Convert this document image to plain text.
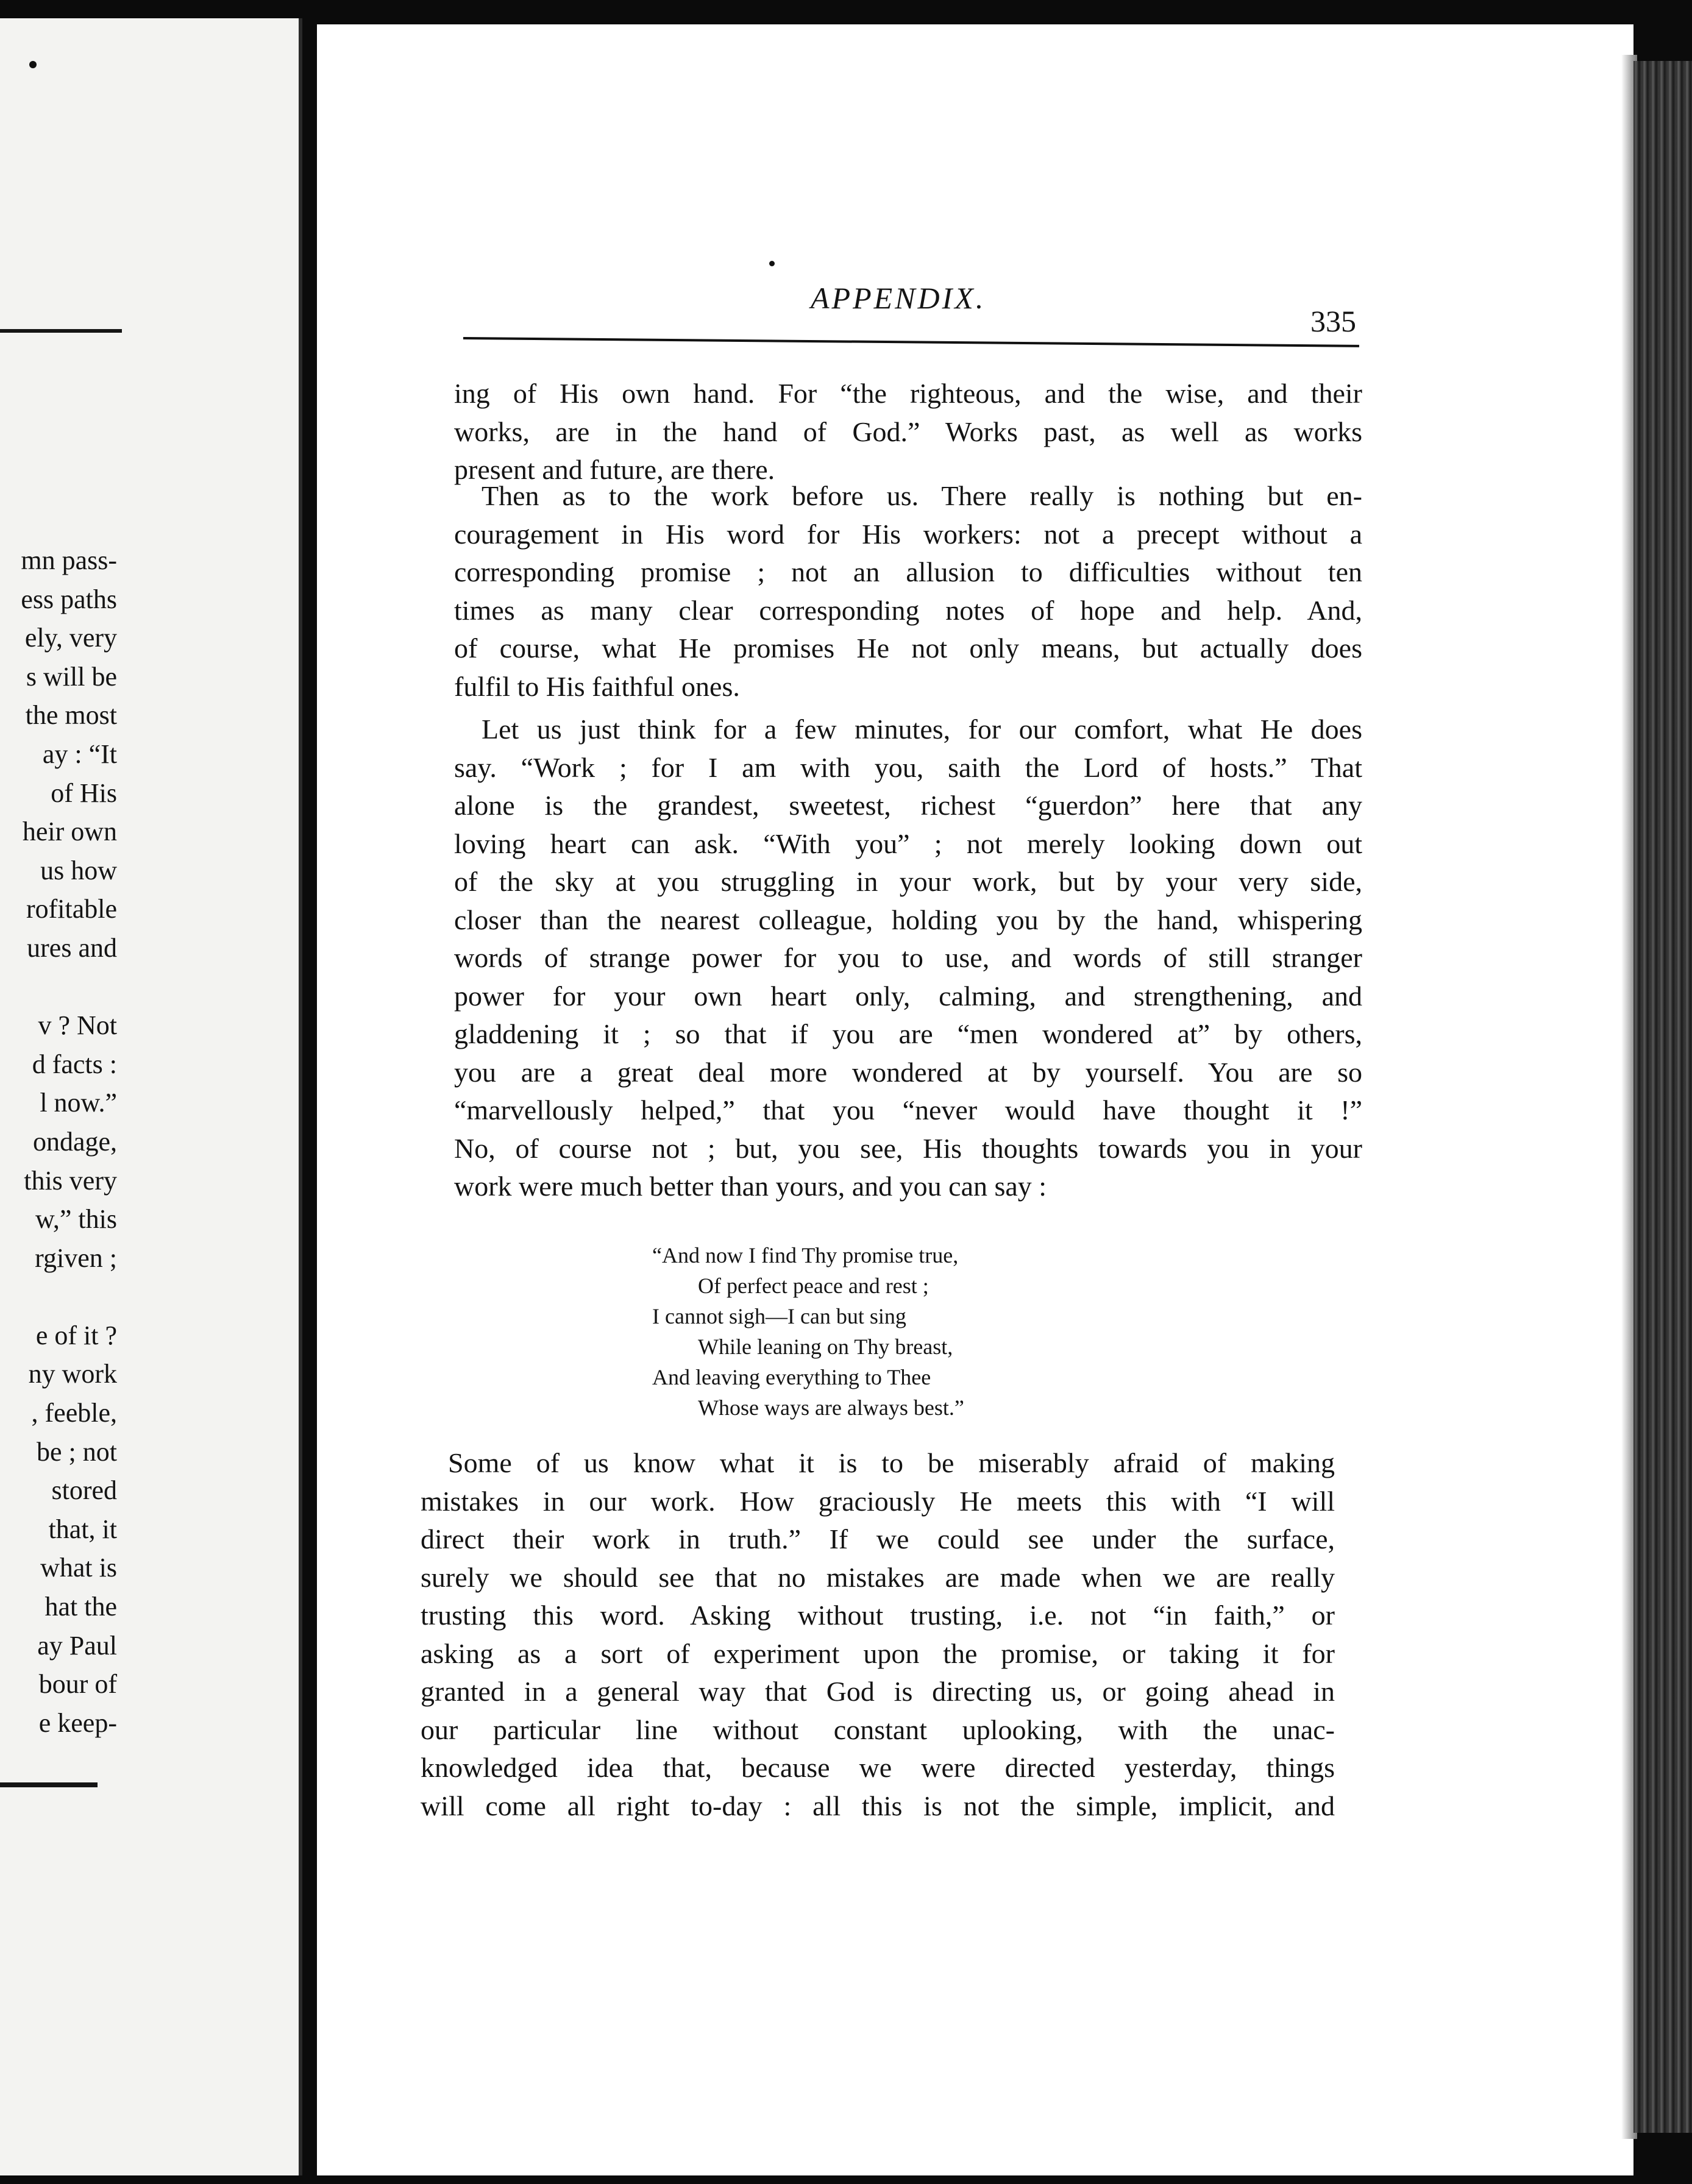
mn pass-
ess paths
ely, very
s will be
the most
ay : “It
of His
heir own
us how
rofitable
ures and
v ? Not
d facts :
l now.”
ondage,
this very
w,” this
rgiven ;
e of it ?
ny work
, feeble,
be ; not
stored
that, it
what is
hat the
ay Paul
bour of
e keep-
APPENDIX.
335
ing of His own hand. For “the righteous, and the wise, and their
works, are in the hand of God.” Works past, as well as works
present and future, are there.
Then as to the work before us. There really is nothing but en-
couragement in His word for His workers: not a precept without a
corresponding promise ; not an allusion to difficulties without ten
times as many clear corresponding notes of hope and help. And,
of course, what He promises He not only means, but actually does
fulfil to His faithful ones.
Let us just think for a few minutes, for our comfort, what He does
say. “Work ; for I am with you, saith the Lord of hosts.” That
alone is the grandest, sweetest, richest “guerdon” here that any
loving heart can ask. “With you” ; not merely looking down out
of the sky at you struggling in your work, but by your very side,
closer than the nearest colleague, holding you by the hand, whispering
words of strange power for you to use, and words of still stranger
power for your own heart only, calming, and strengthening, and
gladdening it ; so that if you are “men wondered at” by others,
you are a great deal more wondered at by yourself. You are so
“marvellously helped,” that you “never would have thought it !”
No, of course not ; but, you see, His thoughts towards you in your
work were much better than yours, and you can say :
“And now I find Thy promise true,
Of perfect peace and rest ;
I cannot sigh—I can but sing
While leaning on Thy breast,
And leaving everything to Thee
Whose ways are always best.”
Some of us know what it is to be miserably afraid of making
mistakes in our work. How graciously He meets this with “I will
direct their work in truth.” If we could see under the surface,
surely we should see that no mistakes are made when we are really
trusting this word. Asking without trusting, i.e. not “in faith,” or
asking as a sort of experiment upon the promise, or taking it for
granted in a general way that God is directing us, or going ahead in
our particular line without constant uplooking, with the unac-
knowledged idea that, because we were directed yesterday, things
will come all right to-day : all this is not the simple, implicit, and
